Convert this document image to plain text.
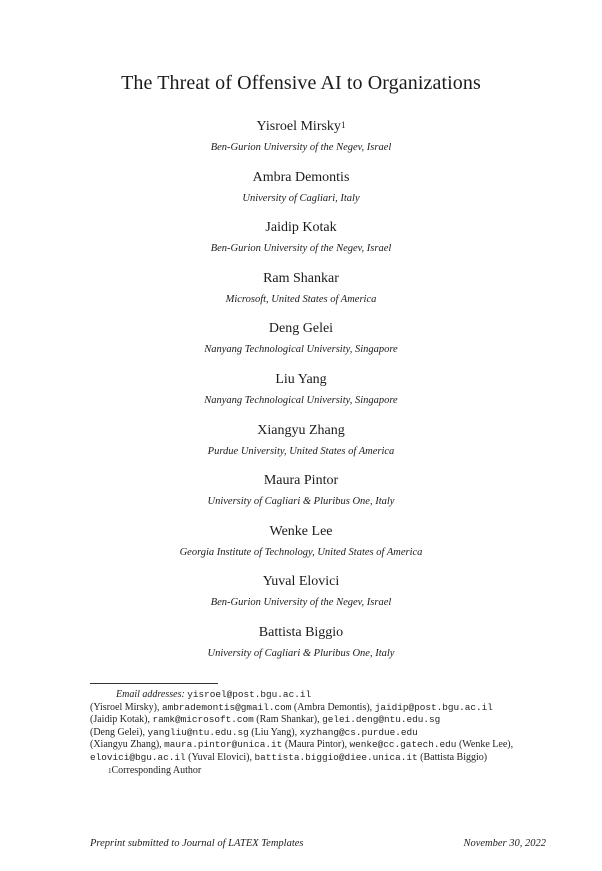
The Threat of Offensive AI to Organizations
Yisroel Mirsky$^1$
Ben-Gurion University of the Negev, Israel
Ambra Demontis
University of Cagliari, Italy
Jaidip Kotak
Ben-Gurion University of the Negev, Israel
Ram Shankar
Microsoft, United States of America
Deng Gelei
Nanyang Technological University, Singapore
Liu Yang
Nanyang Technological University, Singapore
Xiangyu Zhang
Purdue University, United States of America
Maura Pintor
University of Cagliari & Pluribus One, Italy
Wenke Lee
Georgia Institute of Technology, United States of America
Yuval Elovici
Ben-Gurion University of the Negev, Israel
Battista Biggio
University of Cagliari & Pluribus One, Italy
Email addresses: yisroel@post.bgu.ac.il
(Yisroel Mirsky), ambrademontis@gmail.com (Ambra Demontis), jaidip@post.bgu.ac.il
(Jaidip Kotak), ramk@microsoft.com (Ram Shankar), gelei.deng@ntu.edu.sg
(Deng Gelei), yangliu@ntu.edu.sg (Liu Yang), xyzhang@cs.purdue.edu
(Xiangyu Zhang), maura.pintor@unica.it (Maura Pintor), wenke@cc.gatech.edu (Wenke Lee),
elovici@bgu.ac.il (Yuval Elovici), battista.biggio@diee.unica.it (Battista Biggio)
$^1$Corresponding Author
Preprint submitted to Journal of LATEX Templates	November 30, 2022
